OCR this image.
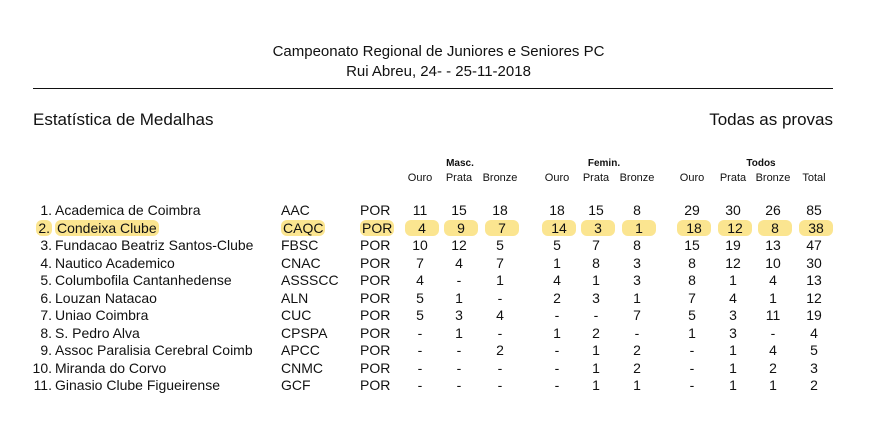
Campeonato Regional de Juniores e Seniores PC
Rui Abreu, 24- - 25-11-2018
Estatística de Medalhas	Todas as provas
Masc.	Femin.	Todos
Ouro	Prata Bronze	Ouro	Prata Bronze	Ouro	Prata Bronze	Total
1. Academica de Coimbra	AAC	POR	11	15	18	18	15	8	29	30	26	85
2. Condeixa Clube	CAQC	POR	4	9	7	14	3	1	18	12	8	38
3. Fundacao Beatriz Santos-Clube FBSC	POR	10	12	5	5	7	8	15	19	13	47
4. Nautico Academico	CNAC	POR	7	4	7	1	8	3	8	12	10	30
5. Columbofila Cantanhedense	ASSSCC POR	4	-	1	4	1	3	8	1	4	13
6. Louzan Natacao	ALN	POR	5	1	-	2	3	1	7	4	1	12
7. Uniao Coimbra	CUC	POR	5	3	4	-	-	7	5	3	11	19
8. S. Pedro Alva	CPSPA POR	-	1	-	1	2	-	1	3	-	4
9. Assoc Paralisia Cerebral Coimb APCC	POR	-	-	2	-	1	2	-	1	4	5
10. Miranda do Corvo	CNMC	POR	-	-	-	-	1	2	-	1	2	3
11. Ginasio Clube Figueirense	GCF	POR	-	-	-	-	1	1	-	1	1	2
